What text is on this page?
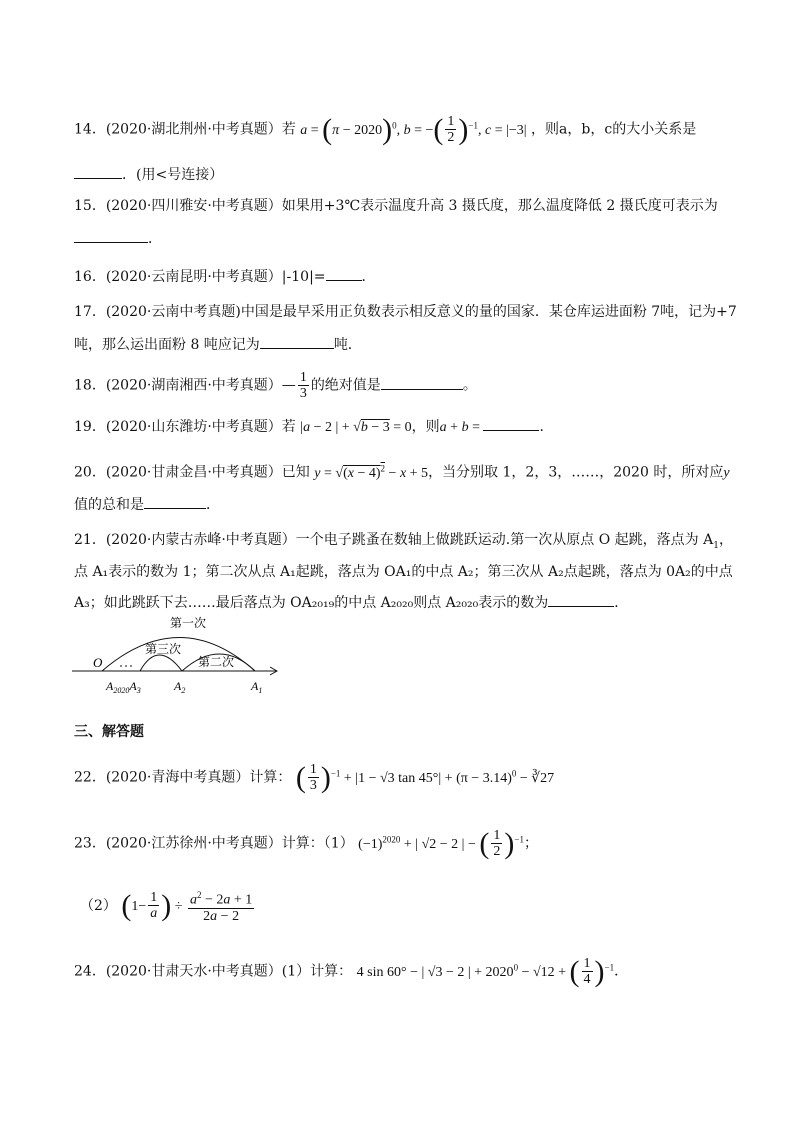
14．(2020·湖北荆州·中考真题）若 $a = (\pi - 2020)^0$, b = −( $\frac{1}{2} )^{-1}$, c = |−3| ，则a，b，c的大小关系是
．(用<号连接）
15．(2020·四川雅安·中考真题）如果用+3℃表示温度升高 3 摄氏度，那么温度降低 2 摄氏度可表示为
．
16．(2020·云南昆明·中考真题）|-10|=	．
17．(2020·云南中考真题)中国是最早采用正负数表示相反意义的量的国家．某仓库运进面粉 7吨，记为+7
吨，那么运出面粉 8 吨应记为	吨．
18．(2020·湖南湘西·中考真题）— $\frac{1}{3}$ 的绝对值是	。
19．(2020·山东潍坊·中考真题）若 |a − 2 | + √b − 3 = 0，则a + b =	．
20．(2020·甘肃金昌·中考真题）已知 $y = √(x - 4)^2 - x + 5$，当分别取 1，2，3，……，2020 时，所对应y
值的总和是	．
21．(2020·内蒙古赤峰·中考真题）一个电子跳蚤在数轴上做跳跃运动.第一次从原点 O 起跳，落点为 $A_1$，
点 A₁表示的数为 1；第二次从点 A₁起跳，落点为 OA₁的中点 A₂；第三次从 A₂点起跳，落点为 0A₂的中点
A₃；如此跳跃下去……最后落点为 OA₂₀₁₉的中点 A₂₀₂₀则点 A₂₀₂₀表示的数为	．
第一次
第三次
第二次
O
$A_{2020}A_3$	$A_2$	$A_1$
三、解答题
22．(2020·青海中考真题）计算： ( $\frac{1}{3} )^{-1} + |1 - √3$ $\tan 45^\circ| + (\pi - 3.14)^0$ − ∛27
23．(2020·江苏徐州·中考真题）计算：（1） $(-1)^{2020}$ + | √2 − 2 | − ( $\frac{1}{2} )^{-1}$；
（2） ($1- \frac{1}{a}$ ) ÷ $\frac{a^2 - 2a + 1}{2a - 2}$
24．(2020·甘肃天水·中考真题）(1）计算： 4 sin 60° − | √3 − 2 | + $2020^0 - √12$ + ( $\frac{1}{4} )^{-1}$．
